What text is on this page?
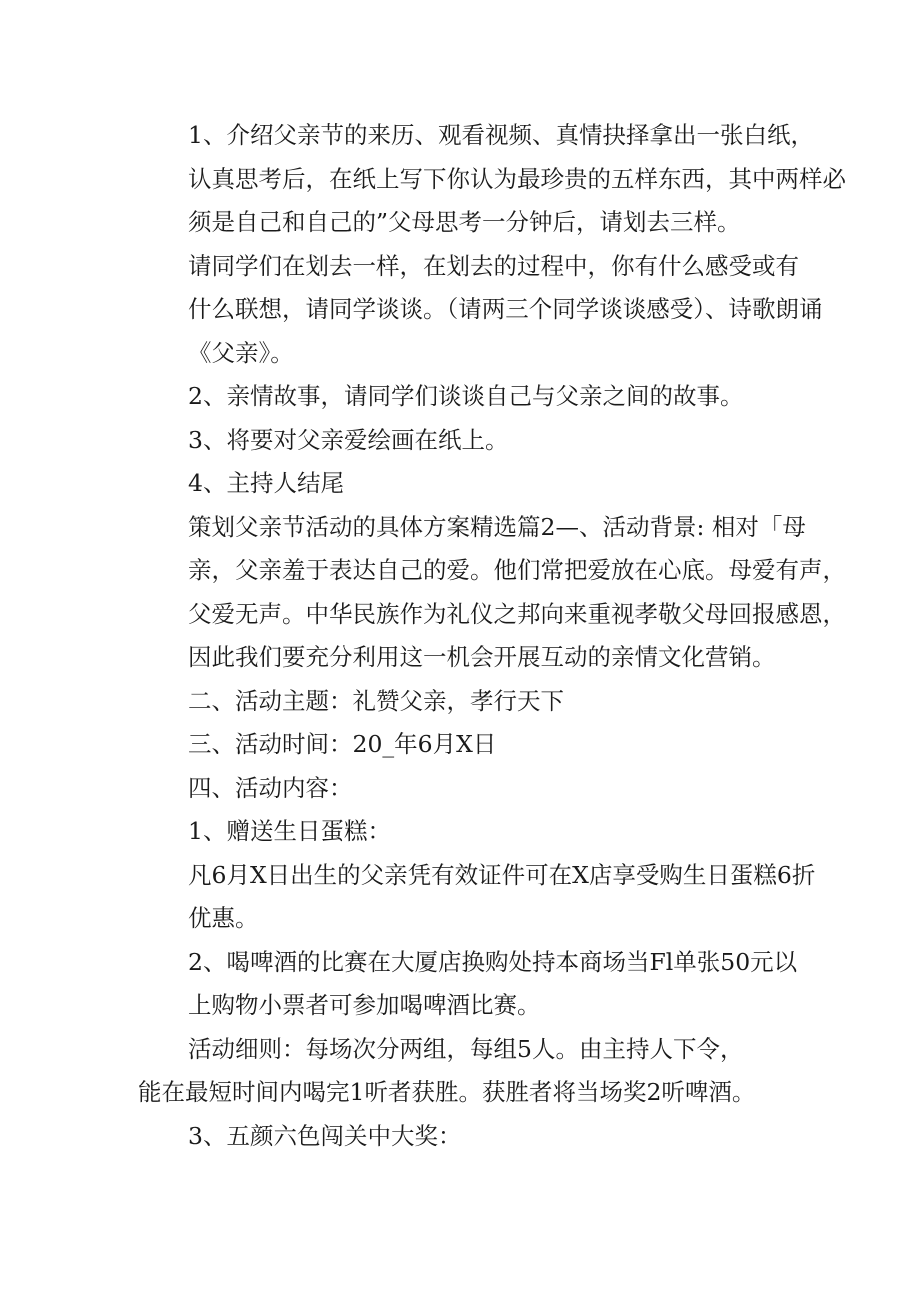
1、介绍父亲节的来历、观看视频、真情抉择拿出一张白纸，
认真思考后，在纸上写下你认为最珍贵的五样东西，其中两样必
须是自己和自己的”父母思考一分钟后，请划去三样。

请同学们在划去一样，在划去的过程中，你有什么感受或有
什么联想，请同学谈谈。（请两三个同学谈谈感受）、诗歌朗诵
《父亲》。

2、亲情故事，请同学们谈谈自己与父亲之间的故事。

3、将要对父亲爱绘画在纸上。

4、主持人结尾

策划父亲节活动的具体方案精选篇2—、活动背景: 相对「母
亲，父亲羞于表达自己的爱。他们常把爱放在心底。母爱有声，
父爱无声。中华民族作为礼仪之邦向来重视孝敬父母回报感恩，
因此我们要充分利用这一机会开展互动的亲情文化营销。

二、活动主题：礼赞父亲，孝行天下

三、活动时间：20_年6月X日

四、活动内容：

1、赠送生日蛋糕：

凡6月X日出生的父亲凭有效证件可在X店享受购生日蛋糕6折
优惠。

2、喝啤酒的比赛在大厦店换购处持本商场当Fl单张50元以
上购物小票者可参加喝啤酒比赛。

活动细则：每场次分两组，每组5人。由主持人下令，

能在最短时间内喝完1听者获胜。获胜者将当场奖2听啤酒。

3、五颜六色闯关中大奖：
